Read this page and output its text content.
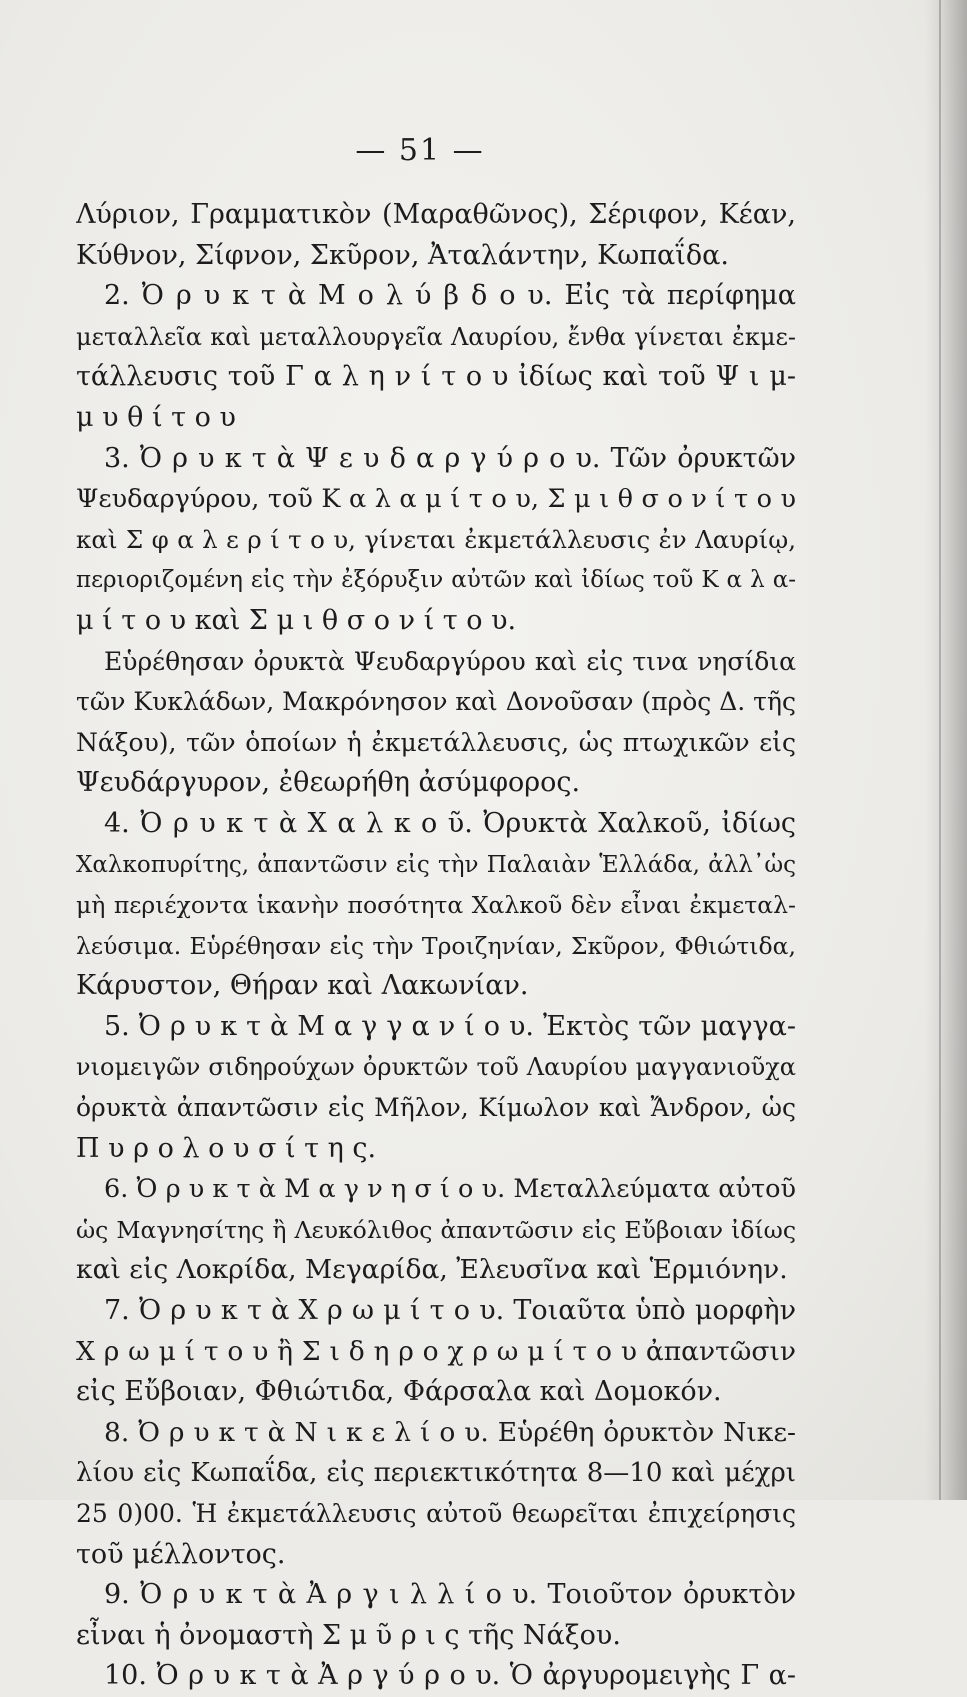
— 51 —
Λύριον, Γραμματικὸν (Μαραθῶνος), Σέριφον, Κέαν,
Κύθνον, Σίφνον, Σκῦρον, Ἀταλάντην, Κωπαΐδα.
2. Ὀ ρ υ κ τ ὰ Μ ο λ ύ β δ ο υ. Εἰς τὰ περίφημα
μεταλλεῖα καὶ μεταλλουργεῖα Λαυρίου, ἔνθα γίνεται ἐκμε-
τάλλευσις τοῦ Γ α λ η ν ί τ ο υ ἰδίως καὶ τοῦ Ψ ι μ-
μ υ θ ί τ ο υ
3. Ὀ ρ υ κ τ ὰ Ψ ε υ δ α ρ γ ύ ρ ο υ. Τῶν ὀρυκτῶν
Ψευδαργύρου, τοῦ Κ α λ α μ ί τ ο υ, Σ μ ι θ σ ο ν ί τ ο υ
καὶ Σ φ α λ ε ρ ί τ ο υ, γίνεται ἐκμετάλλευσις ἐν Λαυρίῳ,
περιοριζομένη εἰς τὴν ἐξόρυξιν αὐτῶν καὶ ἰδίως τοῦ Κ α λ α-
μ ί τ ο υ καὶ Σ μ ι θ σ ο ν ί τ ο υ.
Εὑρέθησαν ὀρυκτὰ Ψευδαργύρου καὶ εἰς τινα νησίδια
τῶν Κυκλάδων, Μακρόνησον καὶ Δονοῦσαν (πρὸς Δ. τῆς
Νάξου), τῶν ὁποίων ἡ ἐκμετάλλευσις, ὡς πτωχικῶν εἰς
Ψευδάργυρον, ἐθεωρήθη ἀσύμφορος.
4. Ὀ ρ υ κ τ ὰ Χ α λ κ ο ῦ. Ὀρυκτὰ Χαλκοῦ, ἰδίως
Χαλκοπυρίτης, ἀπαντῶσιν εἰς τὴν Παλαιὰν Ἑλλάδα, ἀλλ᾽ὡς
μὴ περιέχοντα ἱκανὴν ποσότητα Χαλκοῦ δὲν εἶναι ἐκμεταλ-
λεύσιμα. Εὑρέθησαν εἰς τὴν Τροιζηνίαν, Σκῦρον, Φθιώτιδα,
Κάρυστον, Θήραν καὶ Λακωνίαν.
5. Ὀ ρ υ κ τ ὰ Μ α γ γ α ν ί ο υ. Ἐκτὸς τῶν μαγγα-
νιομειγῶν σιδηρούχων ὀρυκτῶν τοῦ Λαυρίου μαγγανιοῦχα
ὀρυκτὰ ἀπαντῶσιν εἰς Μῆλον, Κίμωλον καὶ Ἄνδρον, ὡς
Π υ ρ ο λ ο υ σ ί τ η ς.
6. Ὀ ρ υ κ τ ὰ Μ α γ ν η σ ί ο υ. Μεταλλεύματα αὐτοῦ
ὡς Μαγνησίτης ἢ Λευκόλιθος ἀπαντῶσιν εἰς Εὔβοιαν ἰδίως
καὶ εἰς Λοκρίδα, Μεγαρίδα, Ἐλευσῖνα καὶ Ἑρμιόνην.
7. Ὀ ρ υ κ τ ὰ Χ ρ ω μ ί τ ο υ. Τοιαῦτα ὑπὸ μορφὴν
Χ ρ ω μ ί τ ο υ ἢ Σ ι δ η ρ ο χ ρ ω μ ί τ ο υ ἀπαντῶσιν
εἰς Εὔβοιαν, Φθιώτιδα, Φάρσαλα καὶ Δομοκόν.
8. Ὀ ρ υ κ τ ὰ Ν ι κ ε λ ί ο υ. Εὑρέθη ὀρυκτὸν Νικε-
λίου εἰς Κωπαΐδα, εἰς περιεκτικότητα 8—10 καὶ μέχρι
25 0)00. Ἡ ἐκμετάλλευσις αὐτοῦ θεωρεῖται ἐπιχείρησις
τοῦ μέλλοντος.
9. Ὀ ρ υ κ τ ὰ Ἀ ρ γ ι λ λ ί ο υ. Τοιοῦτον ὀρυκτὸν
εἶναι ἡ ὀνομαστὴ Σ μ ῦ ρ ι ς τῆς Νάξου.
10. Ὀ ρ υ κ τ ὰ Ἀ ρ γ ύ ρ ο υ. Ὁ ἀργυρομειγὴς Γ α-
